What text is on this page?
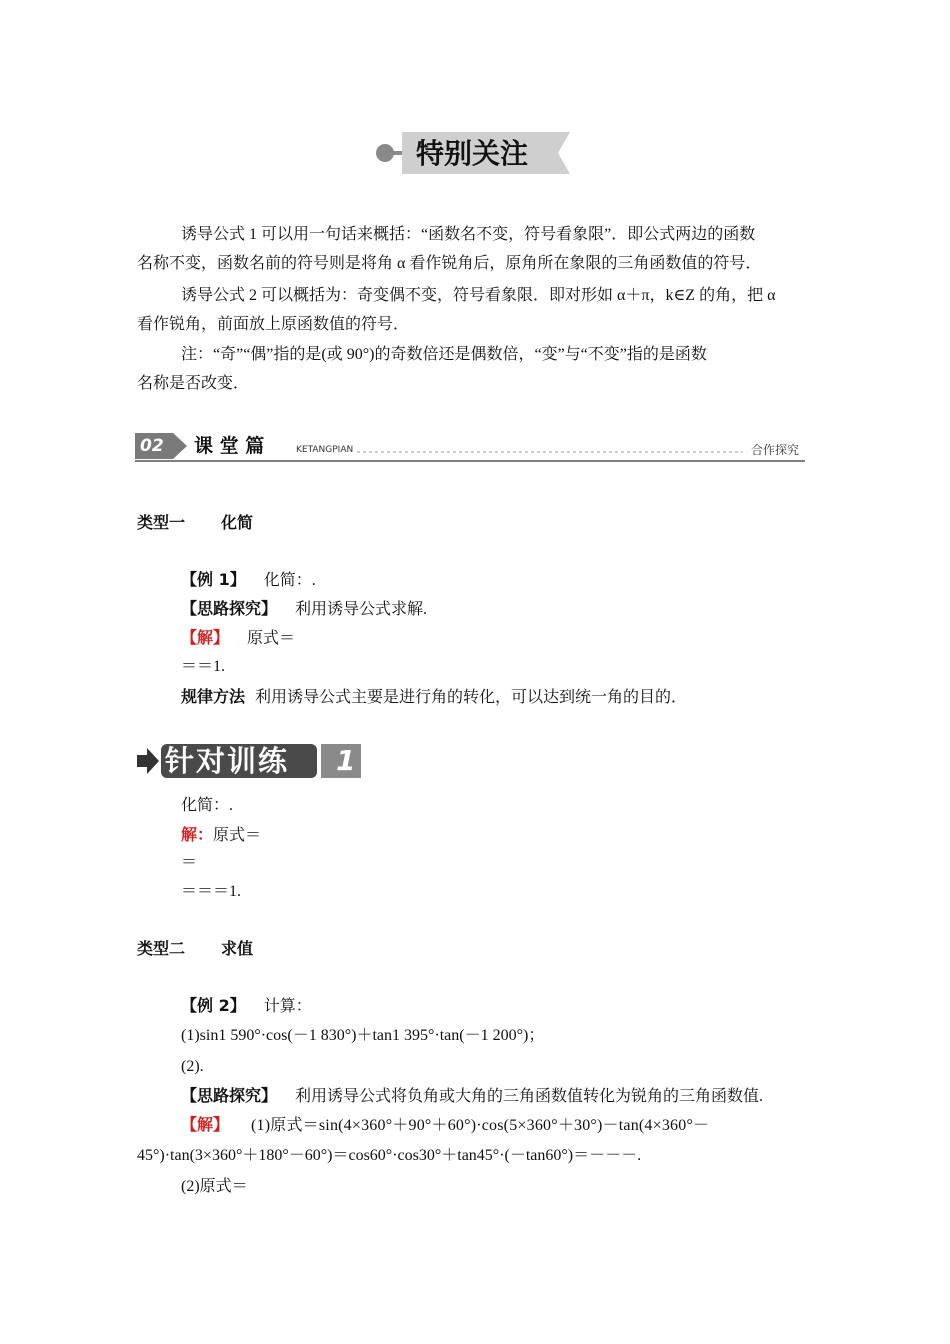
特别关注
诱导公式 1 可以用一句话来概括：“函数名不变，符号看象限”．即公式两边的函数
名称不变，函数名前的符号则是将角 α 看作锐角后，原角所在象限的三角函数值的符号．
诱导公式 2 可以概括为：奇变偶不变，符号看象限．即对形如 α＋π，k∈Z 的角，把 α
看作锐角，前面放上原函数值的符号．
注：“奇”“偶”指的是(或 90°)的奇数倍还是偶数倍，“变”与“不变”指的是函数
名称是否改变．
02 课 堂 篇	KETANGPIAN	合作探究
类型一 化简
【例 1】 化简：.
【思路探究】 利用诱导公式求解.
【解】 原式＝
＝＝1.
规律方法 利用诱导公式主要是进行角的转化，可以达到统一角的目的．
针对训练 1
化简：.
解：原式＝
＝
＝＝＝1.
类型二 求值
【例 2】 计算：
(1)sin1 590°·cos(－1 830°)＋tan1 395°·tan(－1 200°)；
(2).
【思路探究】 利用诱导公式将负角或大角的三角函数值转化为锐角的三角函数值.
【解】 (1)原式＝sin(4×360°＋90°＋60°)·cos(5×360°＋30°)－tan(4×360°－
45°)·tan(3×360°＋180°－60°)＝cos60°·cos30°＋tan45°·(－tan60°)＝－－－.
(2)原式＝
